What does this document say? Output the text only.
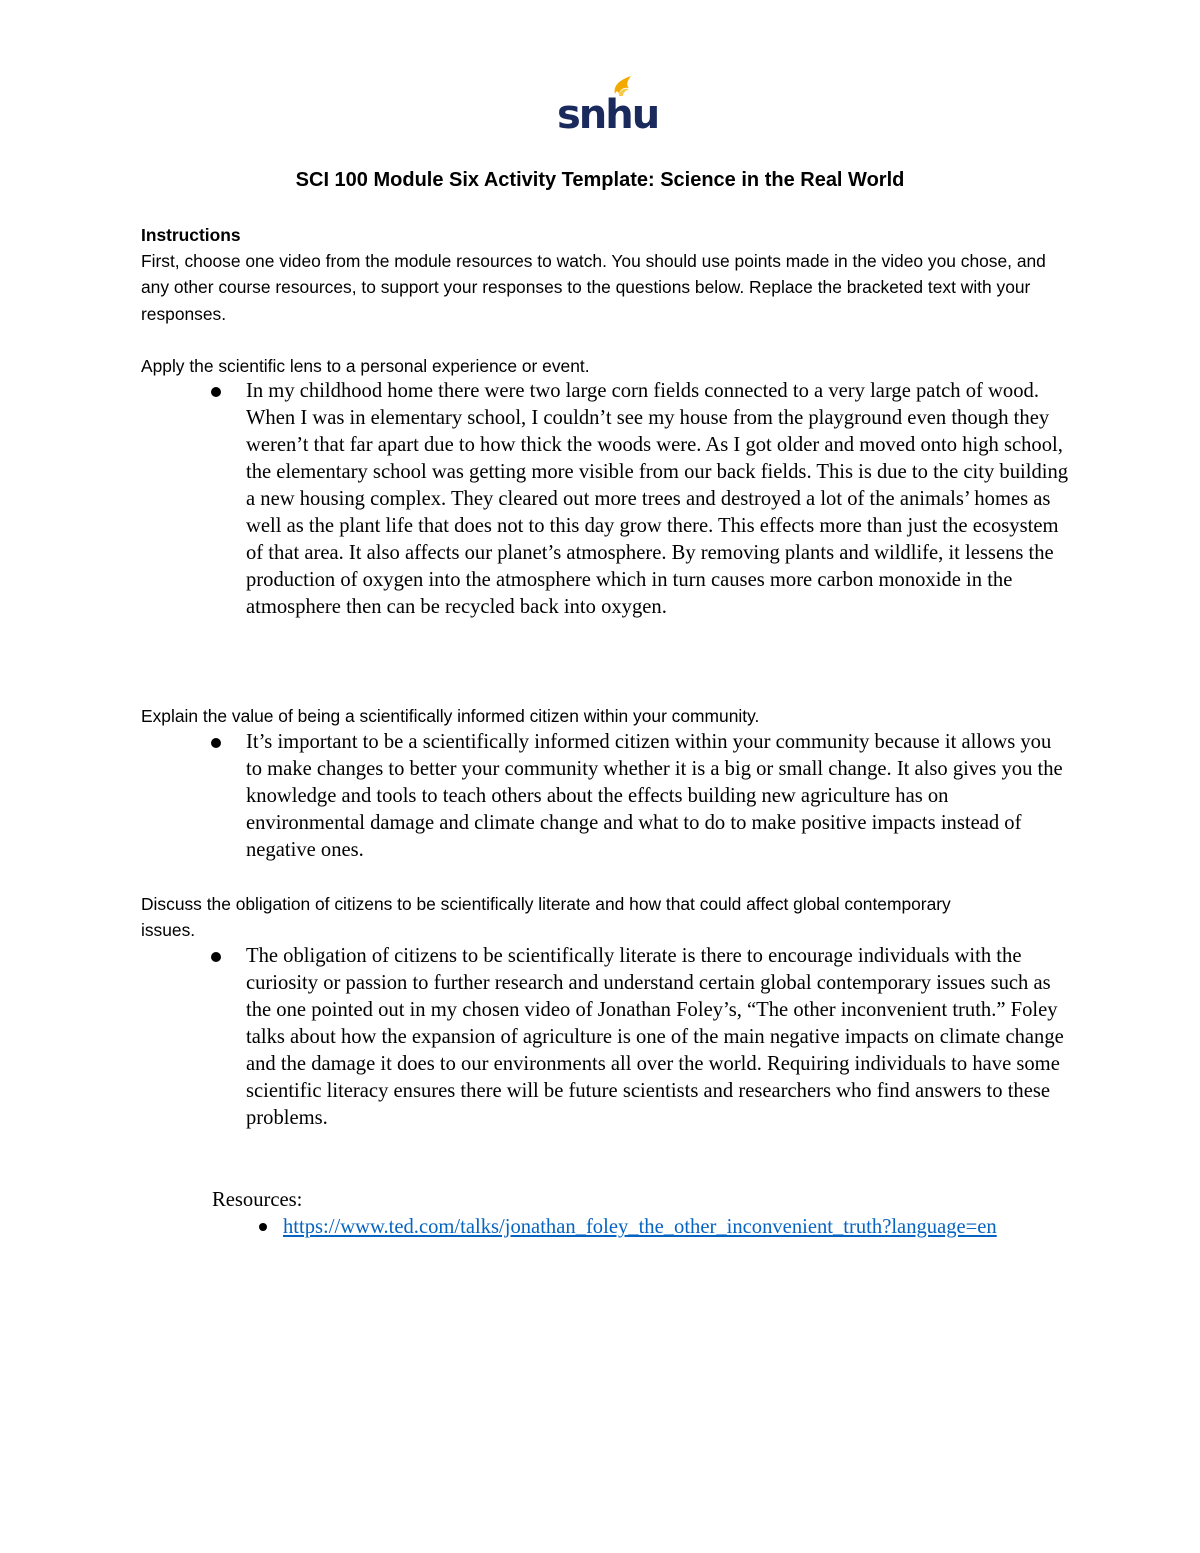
snhu
SCI 100 Module Six Activity Template: Science in the Real World

Instructions

First, choose one video from the module resources to watch. You should use points made in the video you chose, and any other course resources, to support your responses to the questions below. Replace the bracketed text with your responses.

Apply the scientific lens to a personal experience or event.

In my childhood home there were two large corn fields connected to a very large patch of wood. When I was in elementary school, I couldn’t see my house from the playground even though they weren’t that far apart due to how thick the woods were. As I got older and moved onto high school, the elementary school was getting more visible from our back fields. This is due to the city building a new housing complex. They cleared out more trees and destroyed a lot of the animals’ homes as well as the plant life that does not to this day grow there. This effects more than just the ecosystem of that area. It also affects our planet’s atmosphere. By removing plants and wildlife, it lessens the production of oxygen into the atmosphere which in turn causes more carbon monoxide in the atmosphere then can be recycled back into oxygen.

Explain the value of being a scientifically informed citizen within your community.

It’s important to be a scientifically informed citizen within your community because it allows you to make changes to better your community whether it is a big or small change. It also gives you the knowledge and tools to teach others about the effects building new agriculture has on environmental damage and climate change and what to do to make positive impacts instead of negative ones.

Discuss the obligation of citizens to be scientifically literate and how that could affect global contemporary issues.

The obligation of citizens to be scientifically literate is there to encourage individuals with the curiosity or passion to further research and understand certain global contemporary issues such as the one pointed out in my chosen video of Jonathan Foley’s, “The other inconvenient truth.” Foley talks about how the expansion of agriculture is one of the main negative impacts on climate change and the damage it does to our environments all over the world. Requiring individuals to have some scientific literacy ensures there will be future scientists and researchers who find answers to these problems.

Resources:

https://www.ted.com/talks/jonathan_foley_the_other_inconvenient_truth?language=en
